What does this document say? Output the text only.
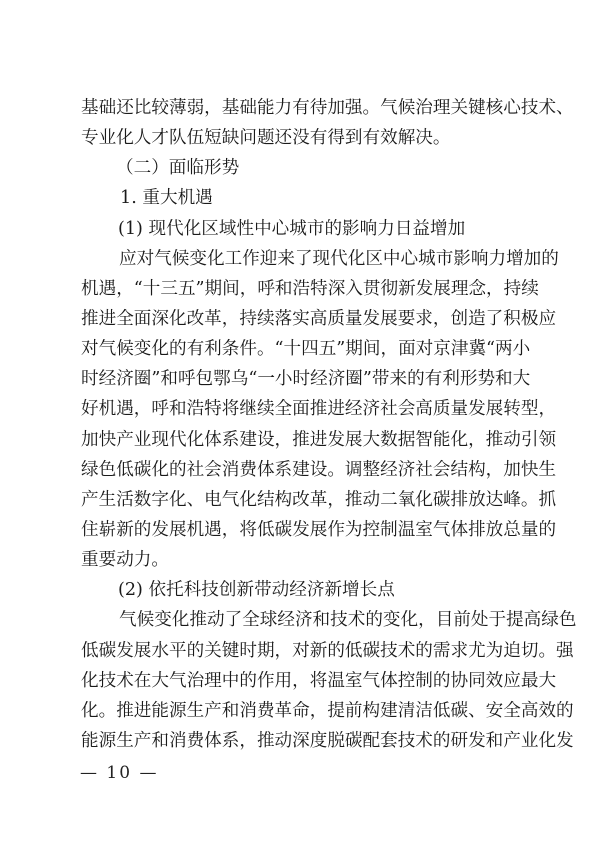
基础还比较薄弱，基础能力有待加强。气候治理关键核心技术、
专业化人才队伍短缺问题还没有得到有效解决。
（二）面临形势
1. 重大机遇
(1) 现代化区域性中心城市的影响力日益增加
应对气候变化工作迎来了现代化区中心城市影响力增加的
机遇，“十三五”期间，呼和浩特深入贯彻新发展理念，持续
推进全面深化改革，持续落实高质量发展要求，创造了积极应
对气候变化的有利条件。“十四五”期间，面对京津冀“两小
时经济圈”和呼包鄂乌“一小时经济圈”带来的有利形势和大
好机遇，呼和浩特将继续全面推进经济社会高质量发展转型，
加快产业现代化体系建设，推进发展大数据智能化，推动引领
绿色低碳化的社会消费体系建设。调整经济社会结构，加快生
产生活数字化、电气化结构改革，推动二氧化碳排放达峰。抓
住崭新的发展机遇，将低碳发展作为控制温室气体排放总量的
重要动力。
(2) 依托科技创新带动经济新增长点
气候变化推动了全球经济和技术的变化，目前处于提高绿色
低碳发展水平的关键时期，对新的低碳技术的需求尤为迫切。强
化技术在大气治理中的作用，将温室气体控制的协同效应最大
化。推进能源生产和消费革命，提前构建清洁低碳、安全高效的
能源生产和消费体系，推动深度脱碳配套技术的研发和产业化发
— 10 —
